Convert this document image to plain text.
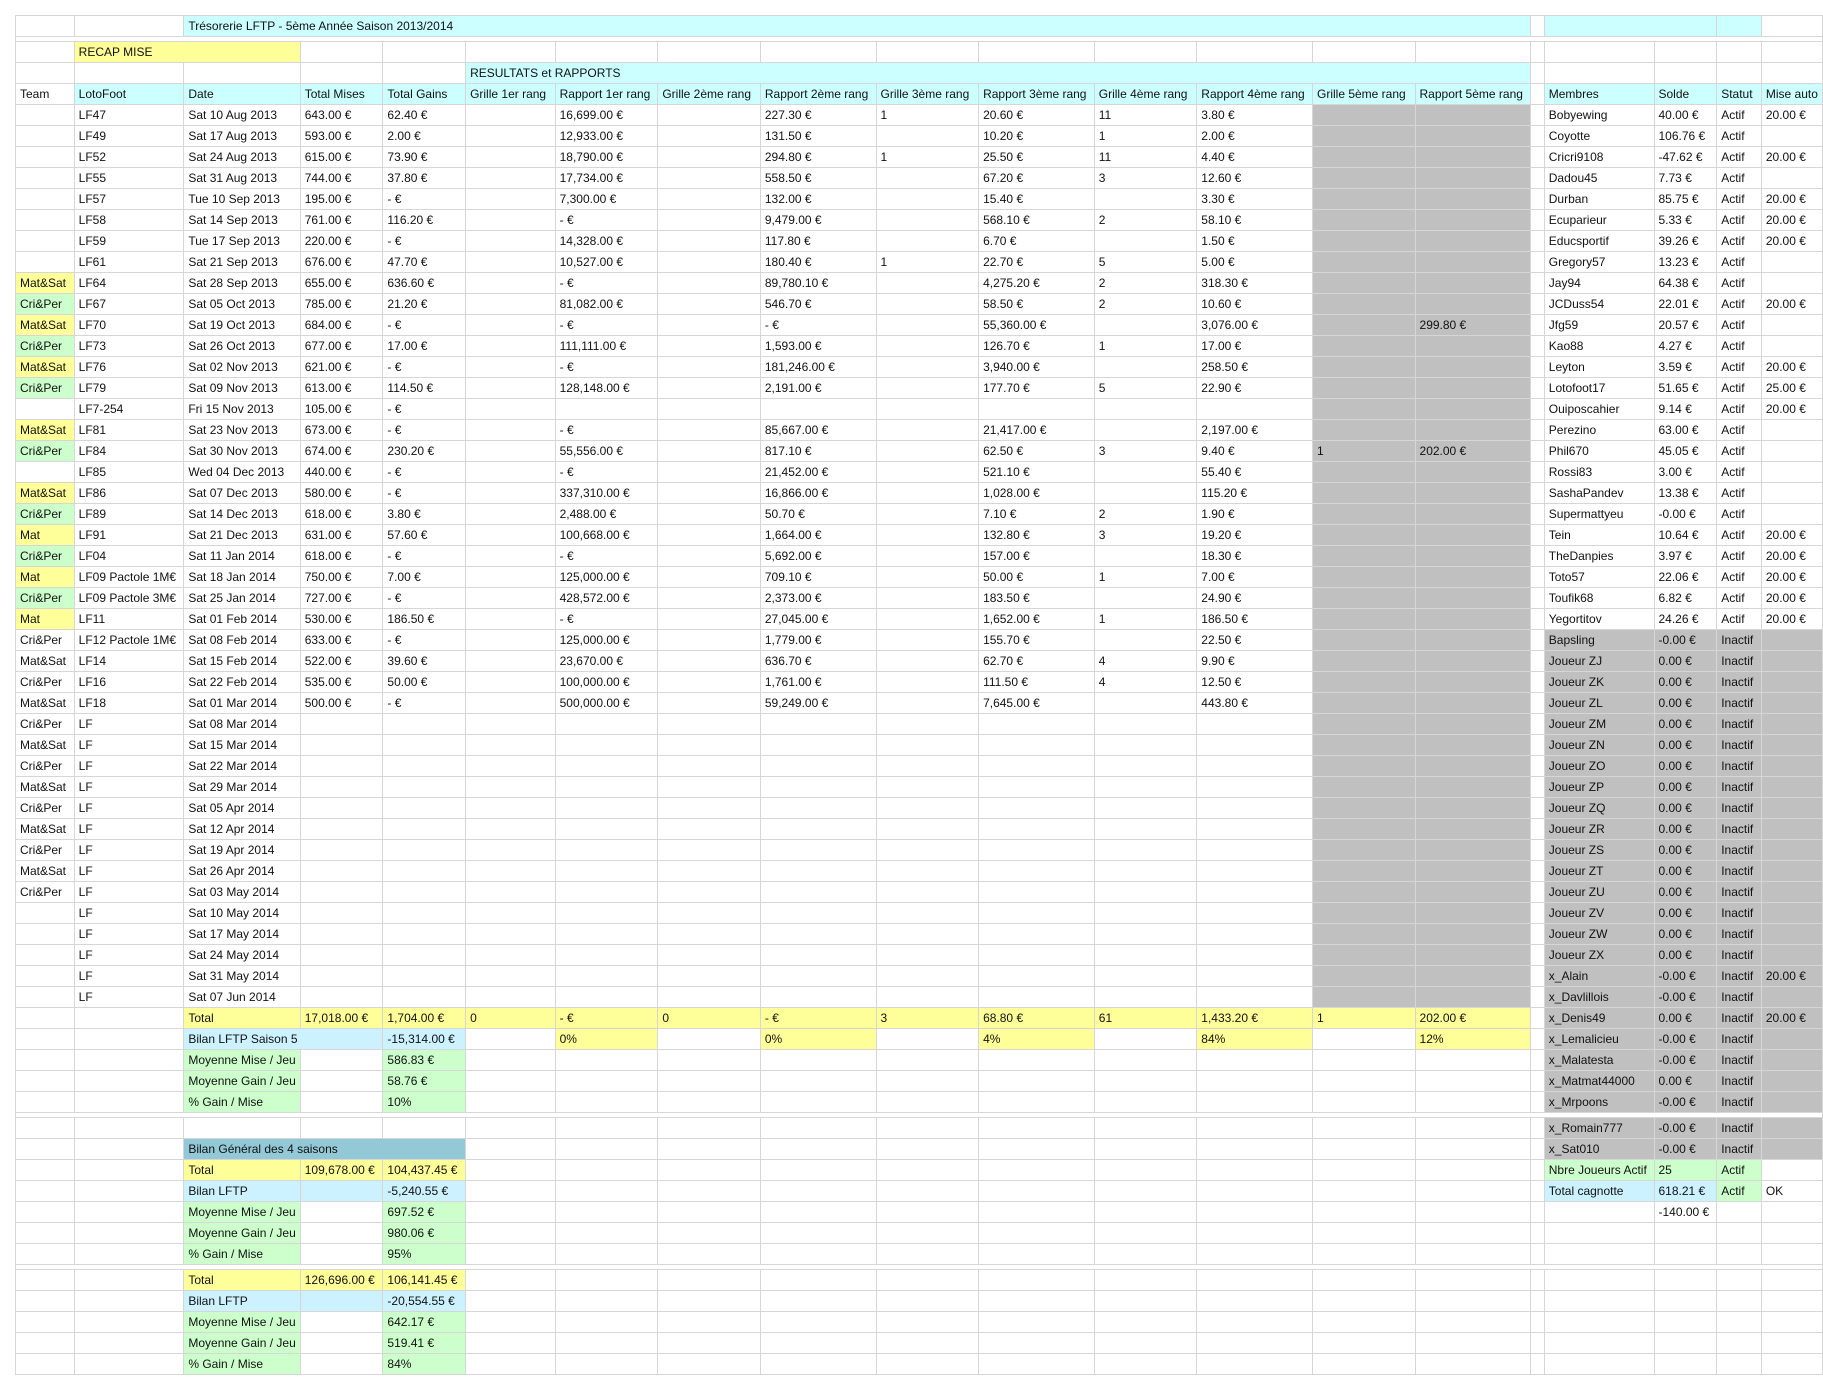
		Trésorerie LFTP - 5ème Année Saison 2013/2014																	

	RECAP MISE																		
					RESULTATS et RAPPORTS														
Team	LotoFoot	Date	Total Mises	Total Gains	Grille 1er rang	Rapport 1er rang	Grille 2ème rang	Rapport 2ème rang	Grille 3ème rang	Rapport 3ème rang	Grille 4ème rang	Rapport 4ème rang	Grille 5ème rang	Rapport 5ème rang		Membres	Solde	Statut	Mise auto
	LF47	Sat 10 Aug 2013	643.00 €	62.40 €		16,699.00 €		227.30 €	1	20.60 €	11	3.80 €				Bobyewing	40.00 €	Actif	20.00 €
	LF49	Sat 17 Aug 2013	593.00 €	2.00 €		12,933.00 €		131.50 €		10.20 €	1	2.00 €				Coyotte	106.76 €	Actif	
	LF52	Sat 24 Aug 2013	615.00 €	73.90 €		18,790.00 €		294.80 €	1	25.50 €	11	4.40 €				Cricri9108	-47.62 €	Actif	20.00 €
	LF55	Sat 31 Aug 2013	744.00 €	37.80 €		17,734.00 €		558.50 €		67.20 €	3	12.60 €				Dadou45	7.73 €	Actif	
	LF57	Tue 10 Sep 2013	195.00 €	- €		7,300.00 €		132.00 €		15.40 €		3.30 €				Durban	85.75 €	Actif	20.00 €
	LF58	Sat 14 Sep 2013	761.00 €	116.20 €		- €		9,479.00 €		568.10 €	2	58.10 €				Ecuparieur	5.33 €	Actif	20.00 €
	LF59	Tue 17 Sep 2013	220.00 €	- €		14,328.00 €		117.80 €		6.70 €		1.50 €				Educsportif	39.26 €	Actif	20.00 €
	LF61	Sat 21 Sep 2013	676.00 €	47.70 €		10,527.00 €		180.40 €	1	22.70 €	5	5.00 €				Gregory57	13.23 €	Actif	
Mat&Sat	LF64	Sat 28 Sep 2013	655.00 €	636.60 €		- €		89,780.10 €		4,275.20 €	2	318.30 €				Jay94	64.38 €	Actif	
Cri&Per	LF67	Sat 05 Oct 2013	785.00 €	21.20 €		81,082.00 €		546.70 €		58.50 €	2	10.60 €				JCDuss54	22.01 €	Actif	20.00 €
Mat&Sat	LF70	Sat 19 Oct 2013	684.00 €	- €		- €		- €		55,360.00 €		3,076.00 €		299.80 €		Jfg59	20.57 €	Actif	
Cri&Per	LF73	Sat 26 Oct 2013	677.00 €	17.00 €		111,111.00 €		1,593.00 €		126.70 €	1	17.00 €				Kao88	4.27 €	Actif	
Mat&Sat	LF76	Sat 02 Nov 2013	621.00 €	- €		- €		181,246.00 €		3,940.00 €		258.50 €				Leyton	3.59 €	Actif	20.00 €
Cri&Per	LF79	Sat 09 Nov 2013	613.00 €	114.50 €		128,148.00 €		2,191.00 €		177.70 €	5	22.90 €				Lotofoot17	51.65 €	Actif	25.00 €
	LF7-254	Fri 15 Nov 2013	105.00 €	- €												Ouiposcahier	9.14 €	Actif	20.00 €
Mat&Sat	LF81	Sat 23 Nov 2013	673.00 €	- €		- €		85,667.00 €		21,417.00 €		2,197.00 €				Perezino	63.00 €	Actif	
Cri&Per	LF84	Sat 30 Nov 2013	674.00 €	230.20 €		55,556.00 €		817.10 €		62.50 €	3	9.40 €	1	202.00 €		Phil670	45.05 €	Actif	
	LF85	Wed 04 Dec 2013	440.00 €	- €		- €		21,452.00 €		521.10 €		55.40 €				Rossi83	3.00 €	Actif	
Mat&Sat	LF86	Sat 07 Dec 2013	580.00 €	- €		337,310.00 €		16,866.00 €		1,028.00 €		115.20 €				SashaPandev	13.38 €	Actif	
Cri&Per	LF89	Sat 14 Dec 2013	618.00 €	3.80 €		2,488.00 €		50.70 €		7.10 €	2	1.90 €				Supermattyeu	-0.00 €	Actif	
Mat	LF91	Sat 21 Dec 2013	631.00 €	57.60 €		100,668.00 €		1,664.00 €		132.80 €	3	19.20 €				Tein	10.64 €	Actif	20.00 €
Cri&Per	LF04	Sat 11 Jan 2014	618.00 €	- €		- €		5,692.00 €		157.00 €		18.30 €				TheDanpies	3.97 €	Actif	20.00 €
Mat	LF09 Pactole 1M€	Sat 18 Jan 2014	750.00 €	7.00 €		125,000.00 €		709.10 €		50.00 €	1	7.00 €				Toto57	22.06 €	Actif	20.00 €
Cri&Per	LF09 Pactole 3M€	Sat 25 Jan 2014	727.00 €	- €		428,572.00 €		2,373.00 €		183.50 €		24.90 €				Toufik68	6.82 €	Actif	20.00 €
Mat	LF11	Sat 01 Feb 2014	530.00 €	186.50 €		- €		27,045.00 €		1,652.00 €	1	186.50 €				Yegortitov	24.26 €	Actif	20.00 €
Cri&Per	LF12 Pactole 1M€	Sat 08 Feb 2014	633.00 €	- €		125,000.00 €		1,779.00 €		155.70 €		22.50 €				Bapsling	-0.00 €	Inactif	
Mat&Sat	LF14	Sat 15 Feb 2014	522.00 €	39.60 €		23,670.00 €		636.70 €		62.70 €	4	9.90 €				Joueur ZJ	0.00 €	Inactif	
Cri&Per	LF16	Sat 22 Feb 2014	535.00 €	50.00 €		100,000.00 €		1,761.00 €		111.50 €	4	12.50 €				Joueur ZK	0.00 €	Inactif	
Mat&Sat	LF18	Sat 01 Mar 2014	500.00 €	- €		500,000.00 €		59,249.00 €		7,645.00 €		443.80 €				Joueur ZL	0.00 €	Inactif	
Cri&Per	LF	Sat 08 Mar 2014														Joueur ZM	0.00 €	Inactif	
Mat&Sat	LF	Sat 15 Mar 2014														Joueur ZN	0.00 €	Inactif	
Cri&Per	LF	Sat 22 Mar 2014														Joueur ZO	0.00 €	Inactif	
Mat&Sat	LF	Sat 29 Mar 2014														Joueur ZP	0.00 €	Inactif	
Cri&Per	LF	Sat 05 Apr 2014														Joueur ZQ	0.00 €	Inactif	
Mat&Sat	LF	Sat 12 Apr 2014														Joueur ZR	0.00 €	Inactif	
Cri&Per	LF	Sat 19 Apr 2014														Joueur ZS	0.00 €	Inactif	
Mat&Sat	LF	Sat 26 Apr 2014														Joueur ZT	0.00 €	Inactif	
Cri&Per	LF	Sat 03 May 2014														Joueur ZU	0.00 €	Inactif	
	LF	Sat 10 May 2014														Joueur ZV	0.00 €	Inactif	
	LF	Sat 17 May 2014														Joueur ZW	0.00 €	Inactif	
	LF	Sat 24 May 2014														Joueur ZX	0.00 €	Inactif	
	LF	Sat 31 May 2014														x_Alain	-0.00 €	Inactif	20.00 €
	LF	Sat 07 Jun 2014														x_Davlillois	-0.00 €	Inactif	
		Total	17,018.00 €	1,704.00 €	0	- €	0	- €	3	68.80 €	61	1,433.20 €	1	202.00 €		x_Denis49	0.00 €	Inactif	20.00 €
		Bilan LFTP Saison 5		-15,314.00 €		0%		0%		4%		84%		12%		x_Lemalicieu	-0.00 €	Inactif	
		Moyenne Mise / Jeu		586.83 €												x_Malatesta	-0.00 €	Inactif	
		Moyenne Gain / Jeu		58.76 €												x_Matmat44000	0.00 €	Inactif	
		% Gain / Mise		10%												x_Mrpoons	-0.00 €	Inactif	

																x_Romain777	-0.00 €	Inactif	
		Bilan Général des 4 saisons														x_Sat010	-0.00 €	Inactif	
		Total	109,678.00 €	104,437.45 €												Nbre Joueurs Actif	25	Actif	
		Bilan LFTP		-5,240.55 €												Total cagnotte	618.21 €	Actif	OK
		Moyenne Mise / Jeu		697.52 €													-140.00 €		
		Moyenne Gain / Jeu		980.06 €															
		% Gain / Mise		95%															

		Total	126,696.00 €	106,141.45 €															
		Bilan LFTP		-20,554.55 €															
		Moyenne Mise / Jeu		642.17 €															
		Moyenne Gain / Jeu		519.41 €															
		% Gain / Mise		84%															
